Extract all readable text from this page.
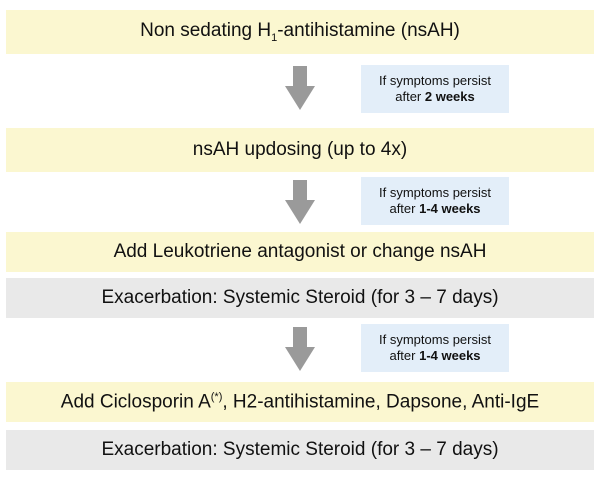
Non sedating $H_1$-antihistamine (nsAH)
If symptoms persist
after 2 weeks
nsAH updosing (up to 4x)
If symptoms persist
after 1-4 weeks
Add Leukotriene antagonist or change nsAH
Exacerbation: Systemic Steroid (for 3 – 7 days)
If symptoms persist
after 1-4 weeks
Add Ciclosporin A(*), H2-antihistamine, Dapsone, Anti-IgE
Exacerbation: Systemic Steroid (for 3 – 7 days)
